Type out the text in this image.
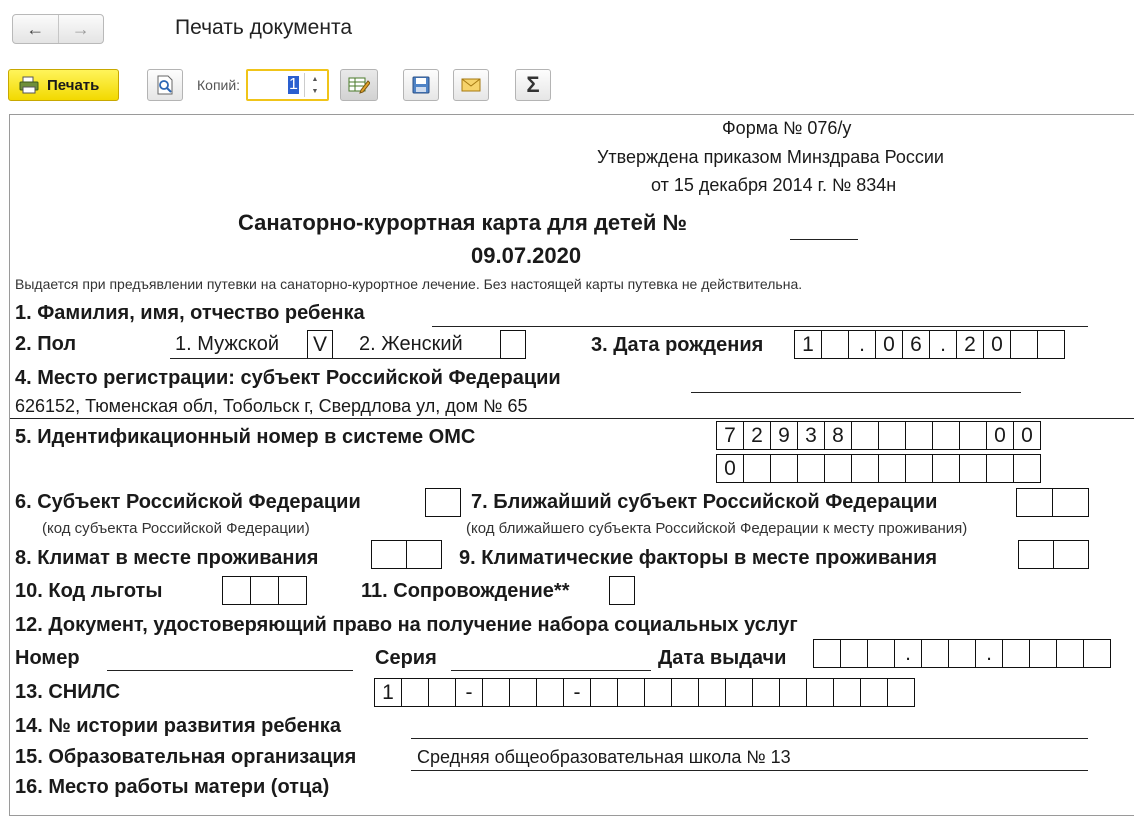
←	→	Печать документа
Печать	Копий:	1 ▲
▼	Σ
Форма № 076/у
Утверждена приказом Минздрава России
от 15 декабря 2014 г. № 834н
Санаторно-курортная карта для детей №
09.07.2020
Выдается при предъявлении путевки на санаторно-курортное лечение. Без настоящей карты путевка не действительна.
1. Фамилия, имя, отчество ребенка
2. Пол	1. Мужской V	2. Женский	3. Дата рождения	1	. 0 6 . 2 0
4. Место регистрации: субъект Российской Федерации
626152, Тюменская обл, Тобольск г, Свердлова ул, дом № 65
5. Идентификационный номер в системе ОМС	7 2 9 3 8	0 0
0
6. Субъект Российской Федерации	7. Ближайший субъект Российской Федерации
(код субъекта Российской Федерации)	(код ближайшего субъекта Российской Федерации к месту проживания)
8. Климат в месте проживания	9. Климатические факторы в месте проживания
10. Код льготы	11. Сопровождение**
12. Документ, удостоверяющий право на получение набора социальных услуг
Номер	Серия	Дата выдачи	.	.
13. СНИЛС	1	-	-
14. № истории развития ребенка
15. Образовательная организация	Средняя общеобразовательная школа № 13
16. Место работы матери (отца)
